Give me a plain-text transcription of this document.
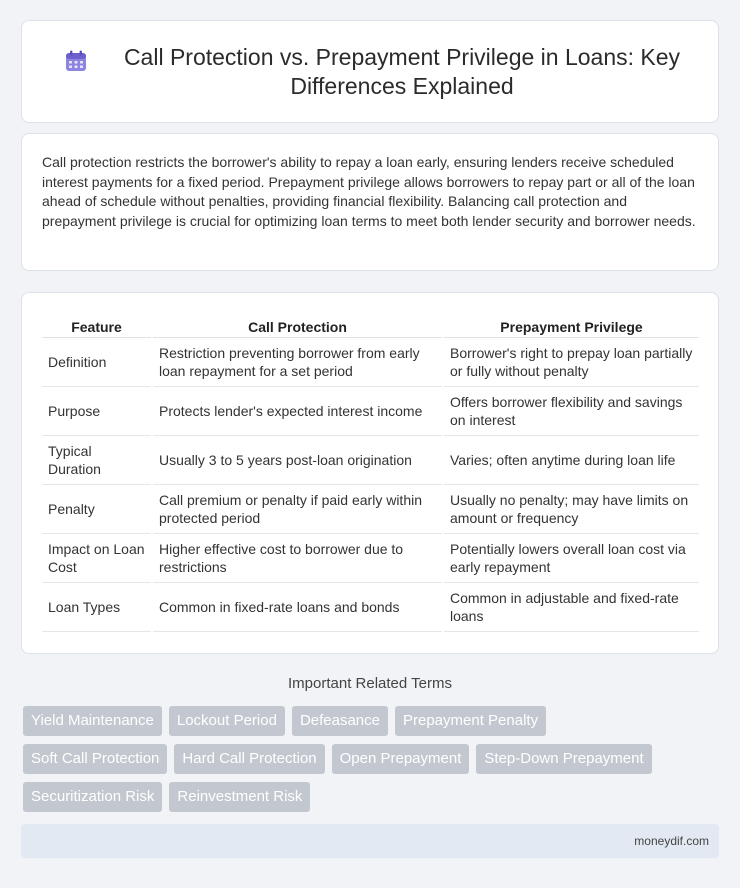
Call Protection vs. Prepayment Privilege in Loans: Key Differences Explained

Call protection restricts the borrower's ability to repay a loan early, ensuring lenders receive scheduled interest payments for a fixed period. Prepayment privilege allows borrowers to repay part or all of the loan ahead of schedule without penalties, providing financial flexibility. Balancing call protection and prepayment privilege is crucial for optimizing loan terms to meet both lender security and borrower needs.

Feature	Call Protection	Prepayment Privilege
Definition	Restriction preventing borrower from early loan repayment for a set period	Borrower's right to prepay loan partially or fully without penalty
Purpose	Protects lender's expected interest income	Offers borrower flexibility and savings on interest
Typical Duration	Usually 3 to 5 years post-loan origination	Varies; often anytime during loan life
Penalty	Call premium or penalty if paid early within protected period	Usually no penalty; may have limits on amount or frequency
Impact on Loan Cost	Higher effective cost to borrower due to restrictions	Potentially lowers overall loan cost via early repayment
Loan Types	Common in fixed-rate loans and bonds	Common in adjustable and fixed-rate loans
Important Related Terms
Yield Maintenance	Lockout Period	Defeasance	Prepayment Penalty
Soft Call Protection	Hard Call Protection	Open Prepayment	Step-Down Prepayment
Securitization Risk	Reinvestment Risk
moneydif.com
